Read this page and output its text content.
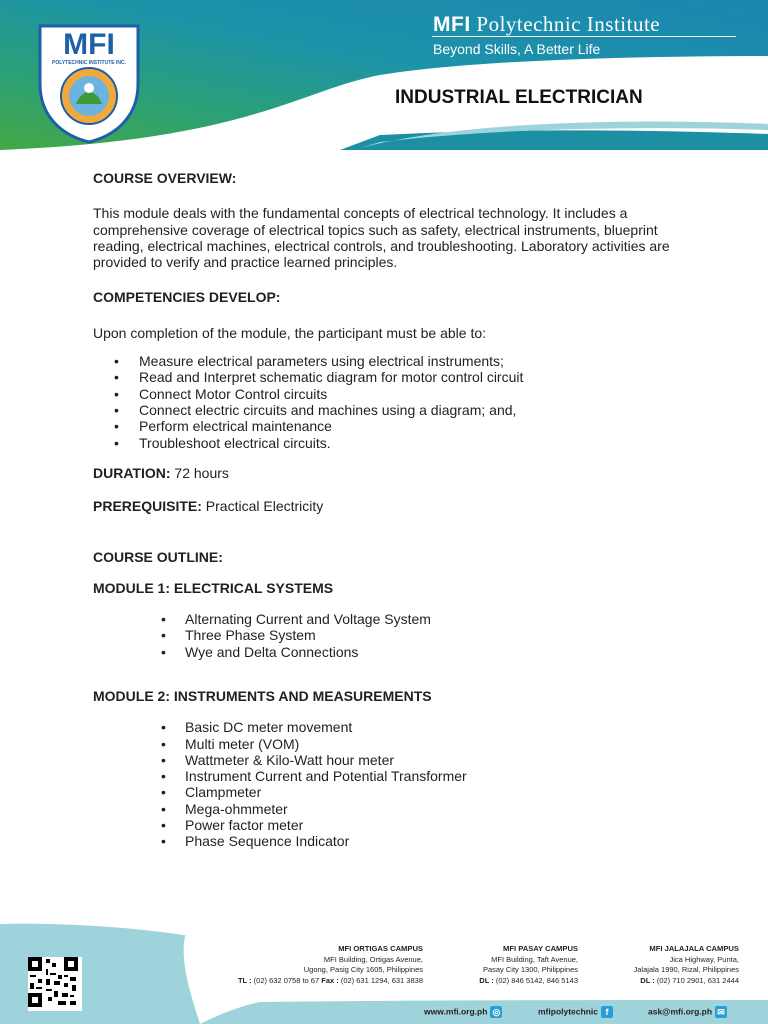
MFI
POLYTECHNIC INSTITUTE INC.
MFI Polytechnic Institute
Beyond Skills, A Better Life
INDUSTRIAL ELECTRICIAN

COURSE OVERVIEW:

This module deals with the fundamental concepts of electrical technology. It includes a comprehensive coverage of electrical topics such as safety, electrical instruments, blueprint reading, electrical machines, electrical controls, and troubleshooting. Laboratory activities are provided to verify and practice learned principles.

COMPETENCIES DEVELOP:

Upon completion of the module, the participant must be able to:

• Measure electrical parameters using electrical instruments;
• Read and Interpret schematic diagram for motor control circuit
• Connect Motor Control circuits
• Connect electric circuits and machines using a diagram; and,
• Perform electrical maintenance
• Troubleshoot electrical circuits.

DURATION: 72 hours

PREREQUISITE: Practical Electricity

COURSE OUTLINE:

MODULE 1: ELECTRICAL SYSTEMS

• Alternating Current and Voltage System
• Three Phase System
• Wye and Delta Connections

MODULE 2: INSTRUMENTS AND MEASUREMENTS

• Basic DC meter movement
• Multi meter (VOM)
• Wattmeter & Kilo-Watt hour meter
• Instrument Current and Potential Transformer
• Clampmeter
• Mega-ohmmeter
• Power factor meter
• Phase Sequence Indicator
MFI ORTIGAS CAMPUS
MFI Building, Ortigas Avenue,
Ugong, Pasig City 1605, Philippines
TL : (02) 632 0758 to 67 Fax : (02) 631 1294, 631 3838
MFI PASAY CAMPUS
MFI Building, Taft Avenue,
Pasay City 1300, Philippines
DL : (02) 846 5142, 846 5143
MFI JALAJALA CAMPUS
Jica Highway, Punta,
Jalajala 1990, Rizal, Philippines
DL : (02) 710 2901, 631 2444
www.mfi.org.ph ◎	mfipolytechnic f	ask@mfi.org.ph ✉
